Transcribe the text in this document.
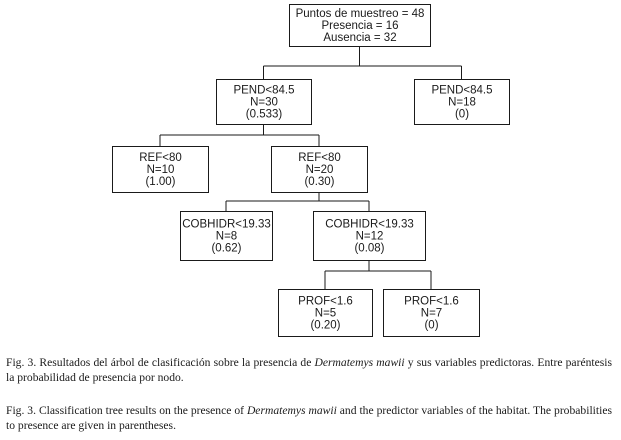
Puntos de muestreo = 48
Presencia = 16
Ausencia = 32
PEND<84.5
N=30
(0.533)
PEND<84.5
N=18
(0)
REF<80
N=10
(1.00)
REF<80
N=20
(0.30)
COBHIDR<19.33
N=8
(0.62)
COBHIDR<19.33
N=12
(0.08)
PROF<1.6
N=5
(0.20)
PROF<1.6
N=7
(0)

Fig. 3. Resultados del árbol de clasificación sobre la presencia de Dermatemys mawii y sus variables predictoras. Entre paréntesis la probabilidad de presencia por nodo.

Fig. 3. Classification tree results on the presence of Dermatemys mawii and the predictor variables of the habitat. The probabilities to presence are given in parentheses.
